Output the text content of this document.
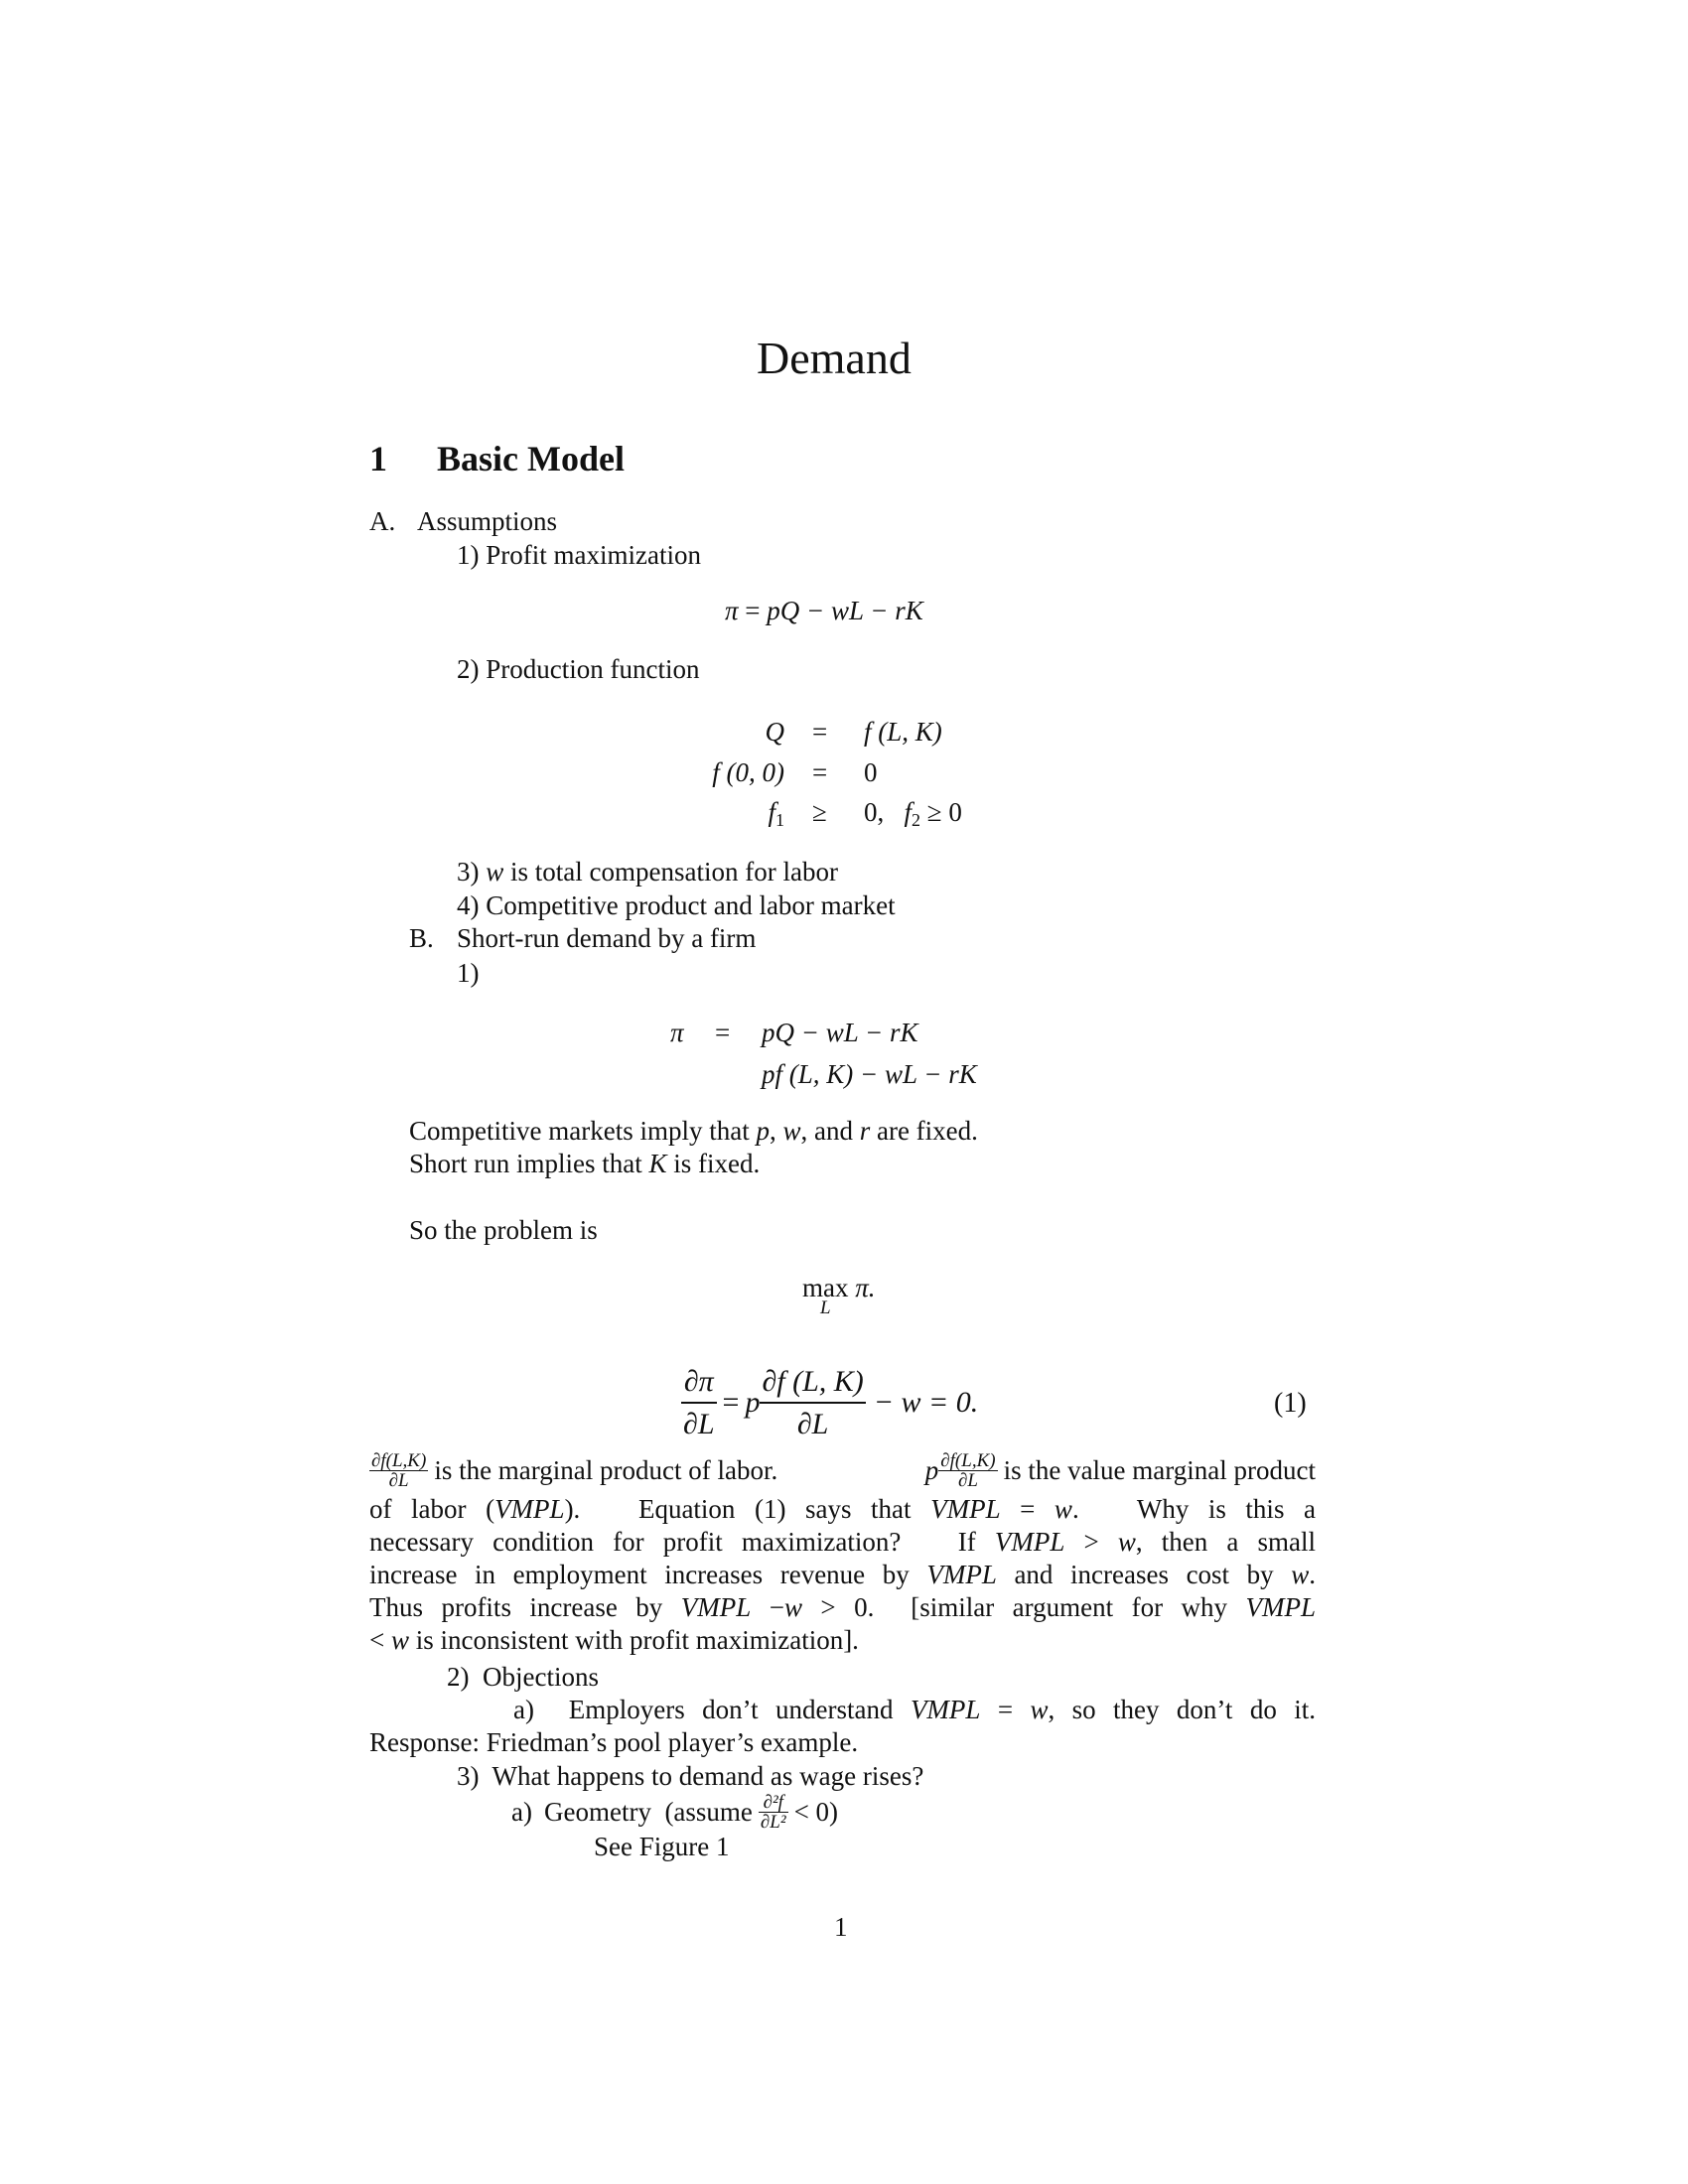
Demand
1 Basic Model
A. Assumptions
1) Profit maximization
π = pQ − wL − rK
2) Production function
Q = f (L, K)
f (0, 0) = 0
$f_1 \ge 0$,   $f_2 \ge 0$
3) w is total compensation for labor
4) Competitive product and labor market
B. Short-run demand by a firm
1)
π = pQ − wL − rK
pf (L, K) − wL − rK
Competitive markets imply that p, w, and r are fixed.
Short run implies that K is fixed.
So the problem is
max π.
L
$\frac{\partial\pi}{\partial L} = p \frac{\partial f (L, K)}{\partial L} - w = 0$.	(1)
$\frac{\partial f(L,K)}{\partial L}$ is the marginal product of labor.	p $\frac{\partial f(L,K)}{\partial L}$ is the value marginal product
of labor (VMPL).   Equation (1) says that VMPL = w.   Why is this a
necessary condition for profit maximization?   If VMPL > w, then a small
increase in employment increases revenue by VMPL and increases cost by w.
Thus profits increase by VMPL −w > 0.  [similar argument for why VMPL
< w is inconsistent with profit maximization].
2) Objections
a)  Employers don’t understand VMPL = w, so they don’t do it.
Response: Friedman’s pool player’s example.
3) What happens to demand as wage rises?
a) Geometry  (assume $\frac{\text{∂²f}}{\text{∂L²}} < 0$)
See Figure 1
1
